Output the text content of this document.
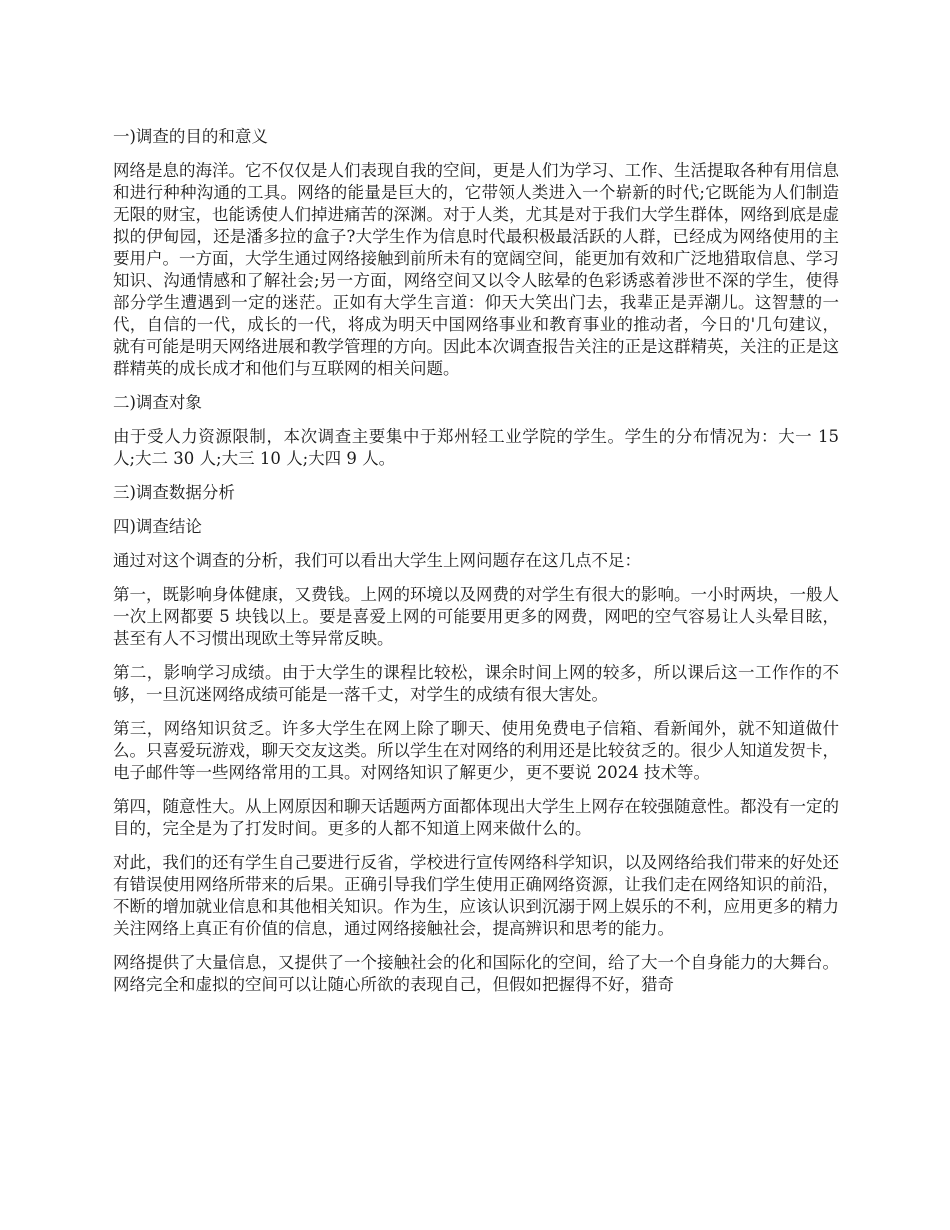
一)调查的目的和意义

网络是息的海洋。它不仅仅是人们表现自我的空间，更是人们为学习、工作、生活提取各种有用信息和进行种种沟通的工具。网络的能量是巨大的，它带领人类进入一个崭新的时代;它既能为人们制造无限的财宝，也能诱使人们掉进痛苦的深渊。对于人类，尤其是对于我们大学生群体，网络到底是虚拟的伊甸园，还是潘多拉的盒子?大学生作为信息时代最积极最活跃的人群，已经成为网络使用的主要用户。一方面，大学生通过网络接触到前所未有的宽阔空间，能更加有效和广泛地猎取信息、学习知识、沟通情感和了解社会;另一方面，网络空间又以令人眩晕的色彩诱惑着涉世不深的学生，使得部分学生遭遇到一定的迷茫。正如有大学生言道：仰天大笑出门去，我辈正是弄潮儿。这智慧的一代，自信的一代，成长的一代，将成为明天中国网络事业和教育事业的推动者，今日的'几句建议，就有可能是明天网络进展和教学管理的方向。因此本次调查报告关注的正是这群精英，关注的正是这群精英的成长成才和他们与互联网的相关问题。

二)调查对象

由于受人力资源限制，本次调查主要集中于郑州轻工业学院的学生。学生的分布情况为：大一 15 人;大二 30 人;大三 10 人;大四 9 人。

三)调查数据分析

四)调查结论

通过对这个调查的分析，我们可以看出大学生上网问题存在这几点不足：

第一，既影响身体健康，又费钱。上网的环境以及网费的对学生有很大的影响。一小时两块，一般人一次上网都要 5 块钱以上。要是喜爱上网的可能要用更多的网费，网吧的空气容易让人头晕目眩，甚至有人不习惯出现欧土等异常反映。

第二，影响学习成绩。由于大学生的课程比较松，课余时间上网的较多，所以课后这一工作作的不够，一旦沉迷网络成绩可能是一落千丈，对学生的成绩有很大害处。

第三，网络知识贫乏。许多大学生在网上除了聊天、使用免费电子信箱、看新闻外，就不知道做什么。只喜爱玩游戏，聊天交友这类。所以学生在对网络的利用还是比较贫乏的。很少人知道发贺卡，电子邮件等一些网络常用的工具。对网络知识了解更少，更不要说 2024 技术等。

第四，随意性大。从上网原因和聊天话题两方面都体现出大学生上网存在较强随意性。都没有一定的目的，完全是为了打发时间。更多的人都不知道上网来做什么的。

对此，我们的还有学生自己要进行反省，学校进行宣传网络科学知识，以及网络给我们带来的好处还有错误使用网络所带来的后果。正确引导我们学生使用正确网络资源，让我们走在网络知识的前沿，不断的增加就业信息和其他相关知识。作为生，应该认识到沉溺于网上娱乐的不利，应用更多的精力关注网络上真正有价值的信息，通过网络接触社会，提高辨识和思考的能力。

网络提供了大量信息，又提供了一个接触社会的化和国际化的空间，给了大一个自身能力的大舞台。网络完全和虚拟的空间可以让随心所欲的表现自己，但假如把握得不好，猎奇
